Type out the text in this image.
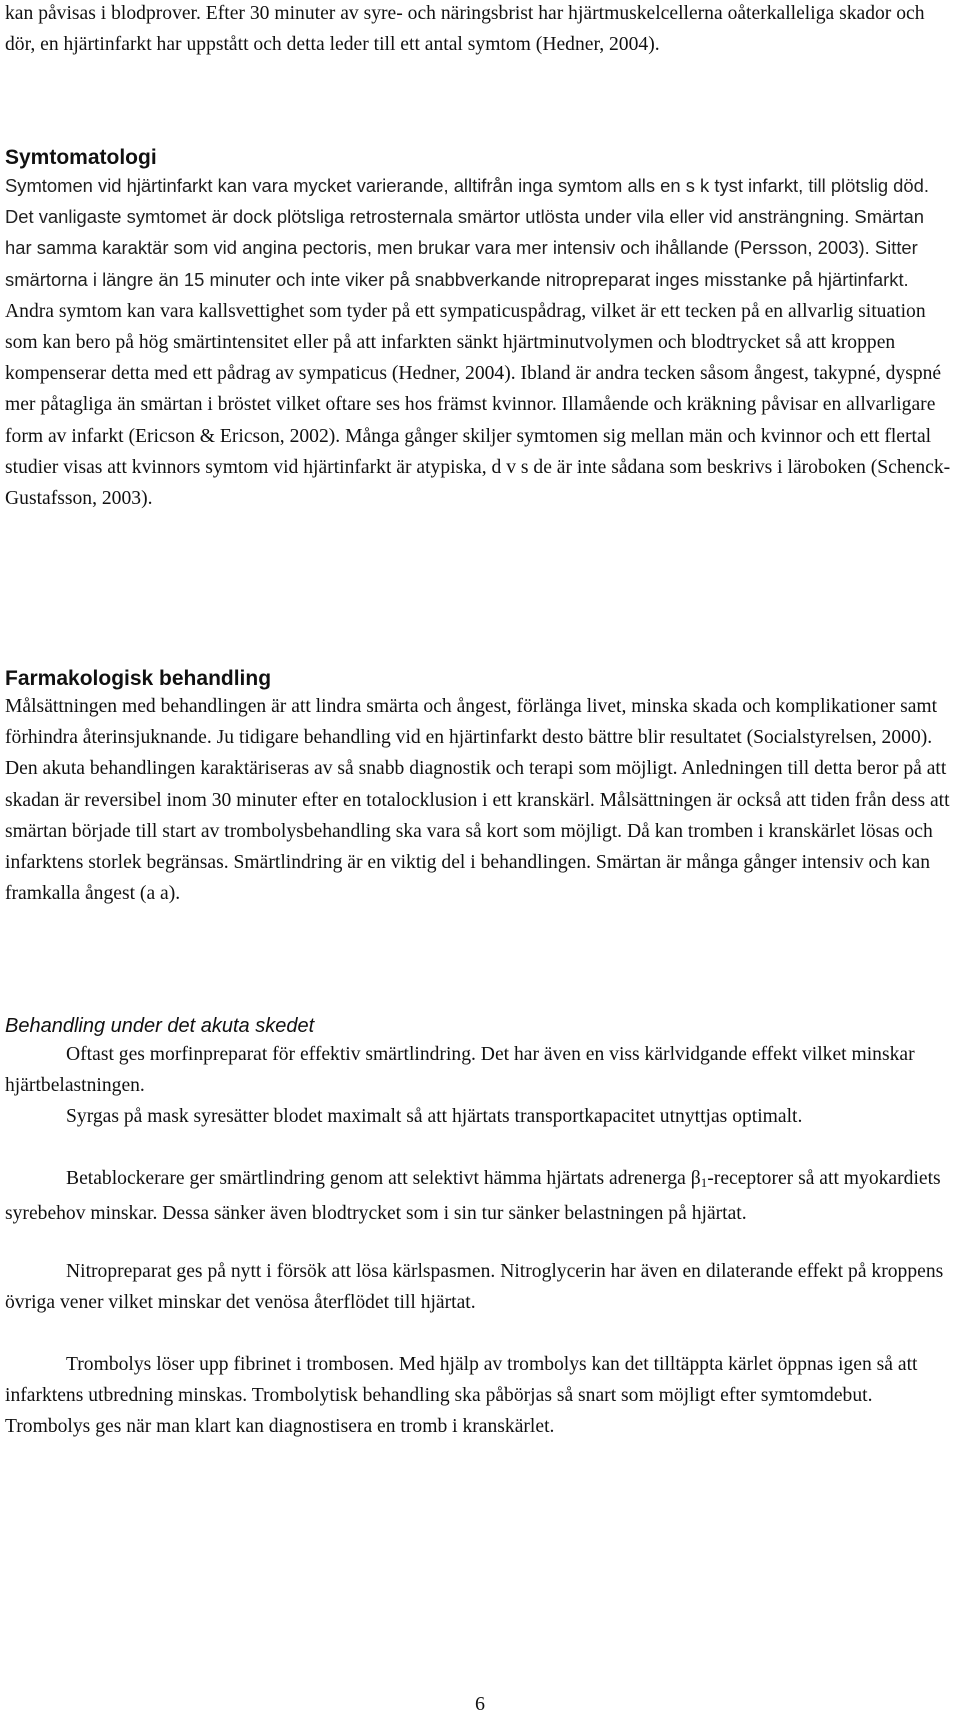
kan påvisas i blodprover. Efter 30 minuter av syre- och näringsbrist har hjärtmuskelcellerna oåterkalleliga skador och dör, en hjärtinfarkt har uppstått och detta leder till ett antal symtom (Hedner, 2004).

Symtomatologi

Symtomen vid hjärtinfarkt kan vara mycket varierande, alltifrån inga symtom alls en s k tyst infarkt, till plötslig död. Det vanligaste symtomet är dock plötsliga retrosternala smärtor utlösta under vila eller vid ansträngning. Smärtan har samma karaktär som vid angina pectoris, men brukar vara mer intensiv och ihållande (Persson, 2003). Sitter smärtorna i längre än 15 minuter och inte viker på snabbverkande nitropreparat inges misstanke på hjärtinfarkt. Andra symtom kan vara kallsvettighet som tyder på ett sympaticuspådrag, vilket är ett tecken på en allvarlig situation som kan bero på hög smärtintensitet eller på att infarkten sänkt hjärtminutvolymen och blodtrycket så att kroppen kompenserar detta med ett pådrag av sympaticus (Hedner, 2004). Ibland är andra tecken såsom ångest, takypné, dyspné mer påtagliga än smärtan i bröstet vilket oftare ses hos främst kvinnor. Illamående och kräkning påvisar en allvarligare form av infarkt (Ericson & Ericson, 2002). Många gånger skiljer symtomen sig mellan män och kvinnor och ett flertal studier visas att kvinnors symtom vid hjärtinfarkt är atypiska, d v s de är inte sådana som beskrivs i läroboken (Schenck-Gustafsson, 2003).

Farmakologisk behandling

Målsättningen med behandlingen är att lindra smärta och ångest, förlänga livet, minska skada och komplikationer samt förhindra återinsjuknande. Ju tidigare behandling vid en hjärtinfarkt desto bättre blir resultatet (Socialstyrelsen, 2000). Den akuta behandlingen karaktäriseras av så snabb diagnostik och terapi som möjligt. Anledningen till detta beror på att skadan är reversibel inom 30 minuter efter en totalocklusion i ett kranskärl. Målsättningen är också att tiden från dess att smärtan började till start av trombolysbehandling ska vara så kort som möjligt. Då kan tromben i kranskärlet lösas och infarktens storlek begränsas. Smärtlindring är en viktig del i behandlingen. Smärtan är många gånger intensiv och kan framkalla ångest (a a).

Behandling under det akuta skedet

Oftast ges morfinpreparat för effektiv smärtlindring. Det har även en viss kärlvidgande effekt vilket minskar hjärtbelastningen.

Syrgas på mask syresätter blodet maximalt så att hjärtats transportkapacitet utnyttjas optimalt.

Betablockerare ger smärtlindring genom att selektivt hämma hjärtats adrenerga β1-receptorer så att myokardiets syrebehov minskar. Dessa sänker även blodtrycket som i sin tur sänker belastningen på hjärtat.

Nitropreparat ges på nytt i försök att lösa kärlspasmen. Nitroglycerin har även en dilaterande effekt på kroppens övriga vener vilket minskar det venösa återflödet till hjärtat.

Trombolys löser upp fibrinet i trombosen. Med hjälp av trombolys kan det tilltäppta kärlet öppnas igen så att infarktens utbredning minskas. Trombolytisk behandling ska påbörjas så snart som möjligt efter symtomdebut. Trombolys ges när man klart kan diagnostisera en tromb i kranskärlet.

6
